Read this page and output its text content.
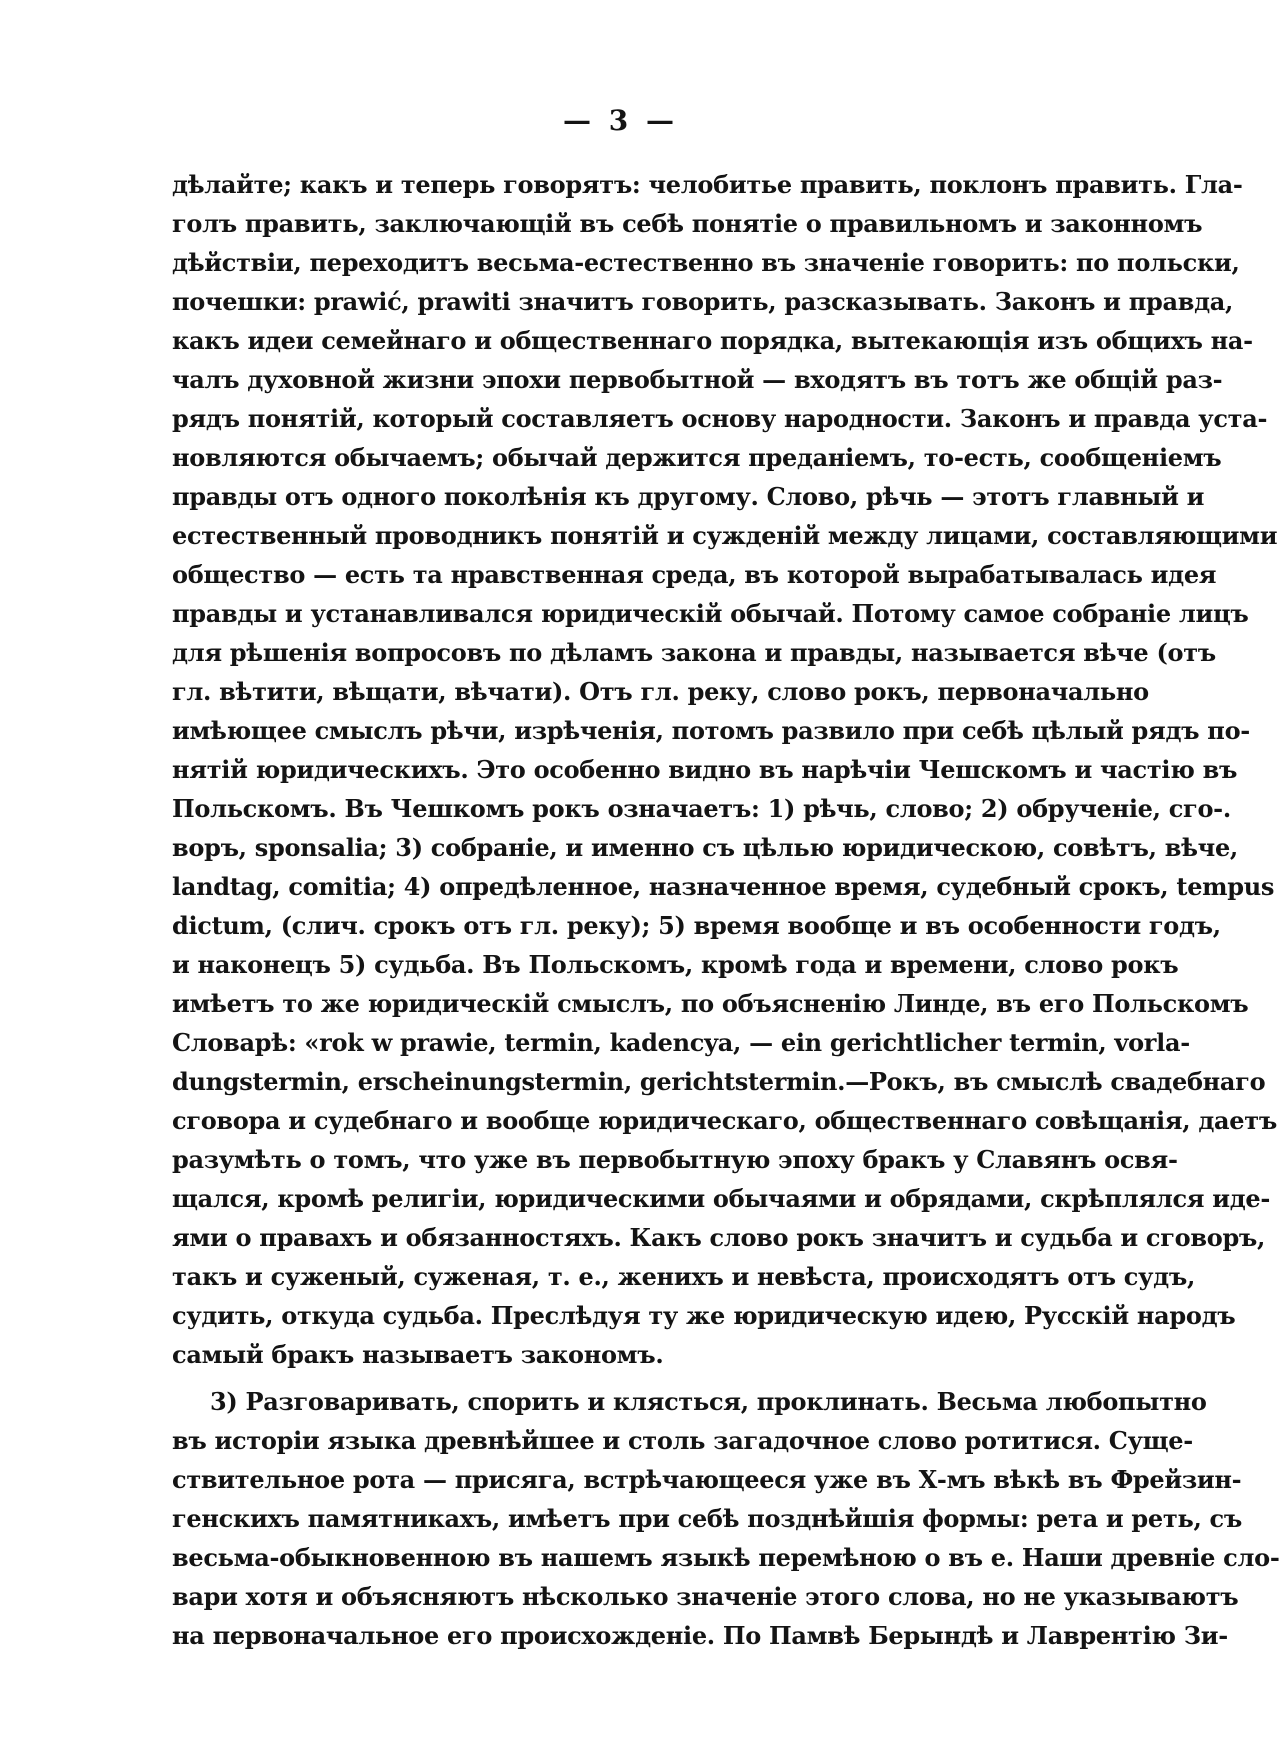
— 3 —
дѣлайте; какъ и теперь говорятъ: челобитье править, поклонъ править. Гла-
голъ править, заключающій въ себѣ понятіе о правильномъ и законномъ
дѣйствіи, переходитъ весьма-естественно въ значеніе говорить: по польски,
почешки: prawić, prawiti значитъ говорить, разсказывать. Законъ и правда,
какъ идеи семейнаго и общественнаго порядка, вытекающія изъ общихъ на-
чалъ духовной жизни эпохи первобытной — входятъ въ тотъ же общій раз-
рядъ понятій, который составляетъ основу народности. Законъ и правда уста-
новляются обычаемъ; обычай держится преданіемъ, то-есть, сообщеніемъ
правды отъ одного поколѣнія къ другому. Слово, рѣчь — этотъ главный и
естественный проводникъ понятій и сужденій между лицами, составляющими
общество — есть та нравственная среда, въ которой вырабатывалась идея
правды и устанавливался юридическій обычай. Потому самое собраніе лицъ
для рѣшенія вопросовъ по дѣламъ закона и правды, называется вѣче (отъ
гл. вѣтити, вѣщати, вѣчати). Отъ гл. реку, слово рокъ, первоначально
имѣющее смыслъ рѣчи, изрѣченія, потомъ развило при себѣ цѣлый рядъ по-
нятій юридическихъ. Это особенно видно въ нарѣчіи Чешскомъ и частію въ
Польскомъ. Въ Чешкомъ рокъ означаетъ: 1) рѣчь, слово; 2) обрученіе, сго-.
воръ, sponsalia; 3) собраніе, и именно съ цѣлью юридическою, совѣтъ, вѣче,
landtag, comitia; 4) опредѣленное, назначенное время, судебный срокъ, tempus
dictum, (слич. срокъ отъ гл. реку); 5) время вообще и въ особенности годъ,
и наконецъ 5) судьба. Въ Польскомъ, кромѣ года и времени, слово рокъ
имѣетъ то же юридическій смыслъ, по объясненію Линде, въ его Польскомъ
Словарѣ: «rok w prawie, termin, kadencya, — ein gerichtlicher termin, vorla-
dungstermin, erscheinungstermin, gerichtstermin.—Рокъ, въ смыслѣ свадебнаго
сговора и судебнаго и вообще юридическаго, общественнаго совѣщанія, даетъ
разумѣть о томъ, что уже въ первобытную эпоху бракъ у Славянъ освя-
щался, кромѣ религіи, юридическими обычаями и обрядами, скрѣплялся иде-
ями о правахъ и обязанностяхъ. Какъ слово рокъ значитъ и судьба и сговоръ,
такъ и суженый, суженая, т. е., женихъ и невѣста, происходятъ отъ судъ,
судить, откуда судьба. Преслѣдуя ту же юридическую идею, Русскій народъ
самый бракъ называетъ закономъ.
3) Разговаривать, спорить и клясться, проклинать. Весьма любопытно
въ исторіи языка древнѣйшее и столь загадочное слово ротитися. Суще-
ствительное рота — присяга, встрѣчающееся уже въ Х-мъ вѣкѣ въ Фрейзин-
генскихъ памятникахъ, имѣетъ при себѣ позднѣйшія формы: рета и реть, съ
весьма-обыкновенною въ нашемъ языкѣ перемѣною о въ е. Наши древніе сло-
вари хотя и объясняютъ нѣсколько значеніе этого слова, но не указываютъ
на первоначальное его происхожденіе. По Памвѣ Берындѣ и Лаврентію Зи-
